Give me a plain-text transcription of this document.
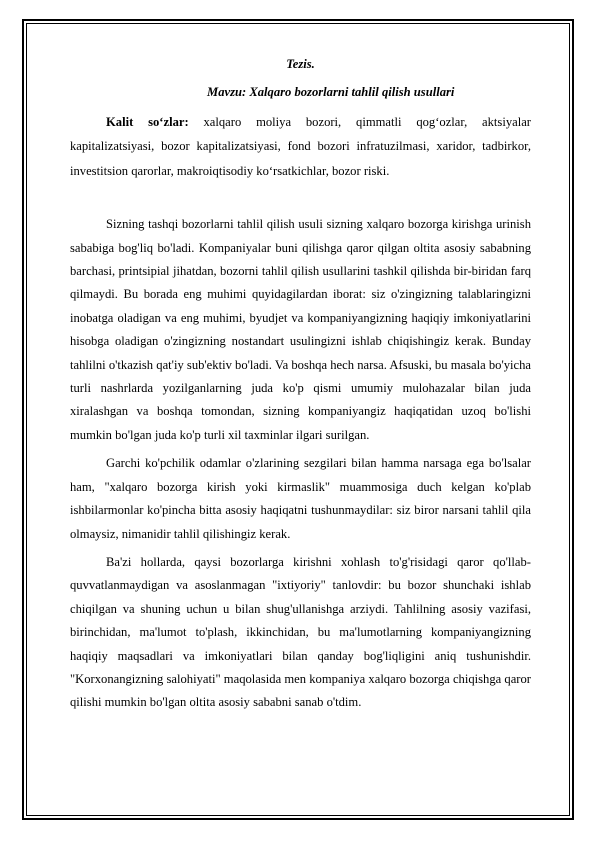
Tezis.

Mavzu: Xalqaro bozorlarni tahlil qilish usullari

Kalit so‘zlar: xalqaro moliya bozori, qimmatli qog‘ozlar, aktsiyalar kapitalizatsiyasi, bozor kapitalizatsiyasi, fond bozori infratuzilmasi, xaridor, tadbirkor, investitsion qarorlar, makroiqtisodiy ko‘rsatkichlar, bozor riski.

Sizning tashqi bozorlarni tahlil qilish usuli sizning xalqaro bozorga kirishga urinish sababiga bog'liq bo'ladi. Kompaniyalar buni qilishga qaror qilgan oltita asosiy sababning barchasi, printsipial jihatdan, bozorni tahlil qilish usullarini tashkil qilishda bir-biridan farq qilmaydi. Bu borada eng muhimi quyidagilardan iborat: siz o'zingizning talablaringizni inobatga oladigan va eng muhimi, byudjet va kompaniyangizning haqiqiy imkoniyatlarini hisobga oladigan o'zingizning nostandart usulingizni ishlab chiqishingiz kerak. Bunday tahlilni o'tkazish qat'iy sub'ektiv bo'ladi. Va boshqa hech narsa. Afsuski, bu masala bo'yicha turli nashrlarda yozilganlarning juda ko'p qismi umumiy mulohazalar bilan juda xiralashgan va boshqa tomondan, sizning kompaniyangiz haqiqatidan uzoq bo'lishi mumkin bo'lgan juda ko'p turli xil taxminlar ilgari surilgan.

Garchi ko'pchilik odamlar o'zlarining sezgilari bilan hamma narsaga ega bo'lsalar ham, "xalqaro bozorga kirish yoki kirmaslik" muammosiga duch kelgan ko'plab ishbilarmonlar ko'pincha bitta asosiy haqiqatni tushunmaydilar: siz biror narsani tahlil qila olmaysiz, nimanidir tahlil qilishingiz kerak.

Ba'zi hollarda, qaysi bozorlarga kirishni xohlash to'g'risidagi qaror qo'llab-quvvatlanmaydigan va asoslanmagan "ixtiyoriy" tanlovdir: bu bozor shunchaki ishlab chiqilgan va shuning uchun u bilan shug'ullanishga arziydi. Tahlilning asosiy vazifasi, birinchidan, ma'lumot to'plash, ikkinchidan, bu ma'lumotlarning kompaniyangizning haqiqiy maqsadlari va imkoniyatlari bilan qanday bog'liqligini aniq tushunishdir. "Korxonangizning salohiyati" maqolasida men kompaniya xalqaro bozorga chiqishga qaror qilishi mumkin bo'lgan oltita asosiy sababni sanab o'tdim.
